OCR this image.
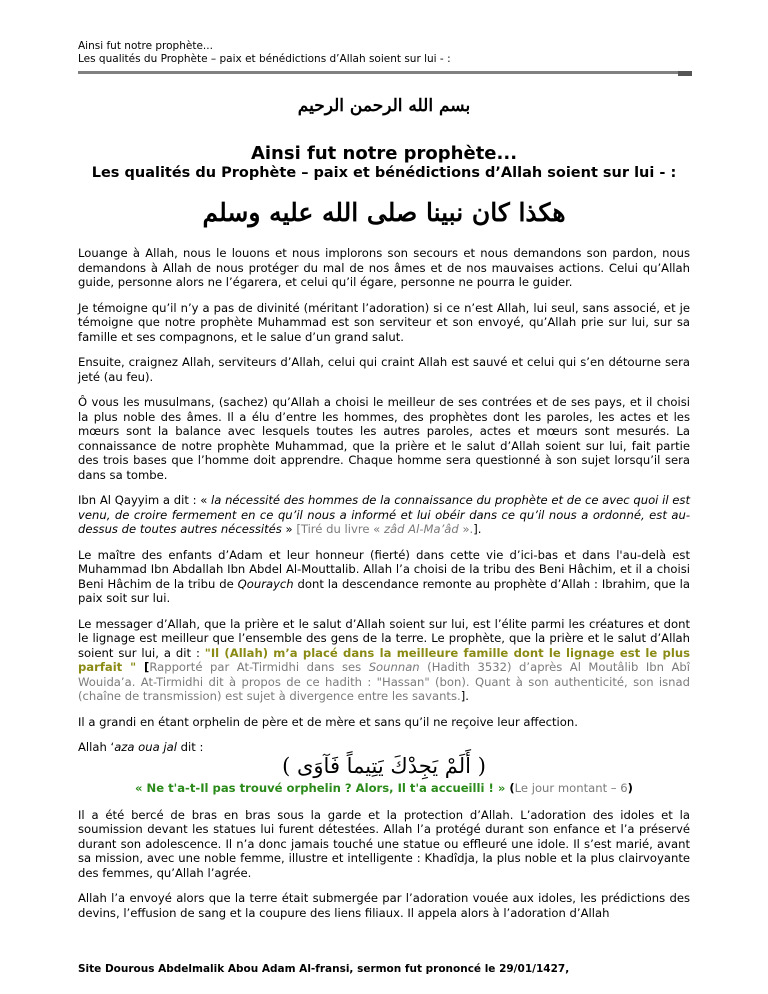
Ainsi fut notre prophète...
Les qualités du Prophète – paix et bénédictions d’Allah soient sur lui - :
بسم الله الرحمن الرحيم
Ainsi fut notre prophète...
Les qualités du Prophète – paix et bénédictions d’Allah soient sur lui - :
هكذا كان نبينا صلى الله عليه وسلم

Louange à Allah, nous le louons et nous implorons son secours et nous demandons son pardon, nous demandons à Allah de nous protéger du mal de nos âmes et de nos mauvaises actions. Celui qu’Allah guide, personne alors ne l’égarera, et celui qu’il égare, personne ne pourra le guider.

Je témoigne qu’il n’y a pas de divinité (méritant l’adoration) si ce n’est Allah, lui seul, sans associé, et je témoigne que notre prophète Muhammad est son serviteur et son envoyé, qu’Allah prie sur lui, sur sa famille et ses compagnons, et le salue d’un grand salut.

Ensuite, craignez Allah, serviteurs d’Allah, celui qui craint Allah est sauvé et celui qui s’en détourne sera jeté (au feu).

Ô vous les musulmans, (sachez) qu’Allah a choisi le meilleur de ses contrées et de ses pays, et il choisi la plus noble des âmes. Il a élu d’entre les hommes, des prophètes dont les paroles, les actes et les mœurs sont la balance avec lesquels toutes les autres paroles, actes et mœurs sont mesurés. La connaissance de notre prophète Muhammad, que la prière et le salut d’Allah soient sur lui, fait partie des trois bases que l’homme doit apprendre. Chaque homme sera questionné à son sujet lorsqu’il sera dans sa tombe.

Ibn Al Qayyim a dit : « la nécessité des hommes de la connaissance du prophète et de ce avec quoi il est venu, de croire fermement en ce qu’il nous a informé et lui obéir dans ce qu’il nous a ordonné, est au-dessus de toutes autres nécessités » [Tiré du livre « zâd Al-Ma’âd ».].

Le maître des enfants d’Adam et leur honneur (fierté) dans cette vie d’ici-bas et dans l'au-delà est Muhammad Ibn Abdallah Ibn Abdel Al-Mouttalib. Allah l’a choisi de la tribu des Beni Hâchim, et il a choisi Beni Hâchim de la tribu de Qouraych dont la descendance remonte au prophète d’Allah : Ibrahim, que la paix soit sur lui.

Le messager d’Allah, que la prière et le salut d’Allah soient sur lui, est l’élite parmi les créatures et dont le lignage est meilleur que l’ensemble des gens de la terre. Le prophète, que la prière et le salut d’Allah soient sur lui, a dit : "Il (Allah) m’a placé dans la meilleure famille dont le lignage est le plus parfait " [Rapporté par At-Tirmidhi dans ses Sounnan (Hadith 3532) d’après Al Moutâlib Ibn Abî Wouida’a. At-Tirmidhi dit à propos de ce hadith : "Hassan" (bon). Quant à son authenticité, son isnad (chaîne de transmission) est sujet à divergence entre les savants.].

Il a grandi en étant orphelin de père et de mère et sans qu’il ne reçoive leur affection.

Allah ‘aza oua jal dit :

( أَلَمْ يَجِدْكَ يَتِيماً فَآوَى )
« Ne t'a-t-Il pas trouvé orphelin ? Alors, Il t'a accueilli ! » (Le jour montant – 6)

Il a été bercé de bras en bras sous la garde et la protection d’Allah. L’adoration des idoles et la soumission devant les statues lui furent détestées. Allah l’a protégé durant son enfance et l’a préservé durant son adolescence. Il n’a donc jamais touché une statue ou effleuré une idole. Il s’est marié, avant sa mission, avec une noble femme, illustre et intelligente : Khadîdja, la plus noble et la plus clairvoyante des femmes, qu’Allah l’agrée.

Allah l’a envoyé alors que la terre était submergée par l’adoration vouée aux idoles, les prédictions des devins, l’effusion de sang et la coupure des liens filiaux. Il appela alors à l’adoration d’Allah

Site Dourous Abdelmalik Abou Adam Al-fransi, sermon fut prononcé le 29/01/1427,
